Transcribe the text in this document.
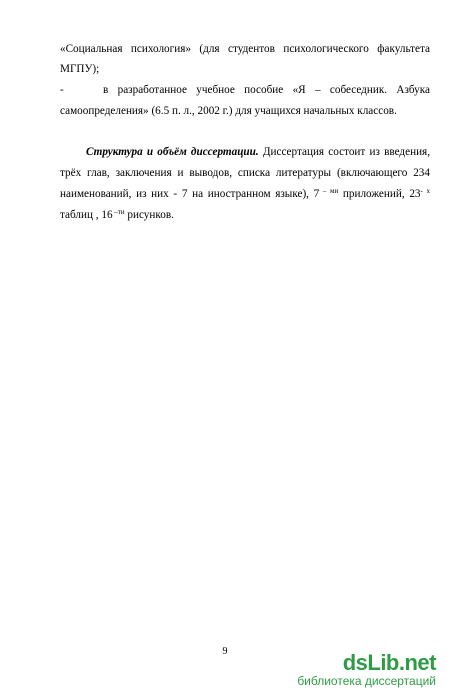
«Социальная психология» (для студентов психологического факультета
МГПУ);
-	в разработанное учебное пособие «Я – собеседник. Азбука
самоопределения» (6.5 п. л., 2002 г.) для учащихся начальных классов.
Структура и объём диссертации. Диссертация состоит из введения,
трёх глав, заключения и выводов, списка литературы (включающего 234
наименований, из них - 7 на иностранном языке), 7 $^{- ми}$ приложений, $23^{- х}$
таблиц , 16 $^{-ти}$ рисунков.
9	dsLib.net
библиотека диссертаций
